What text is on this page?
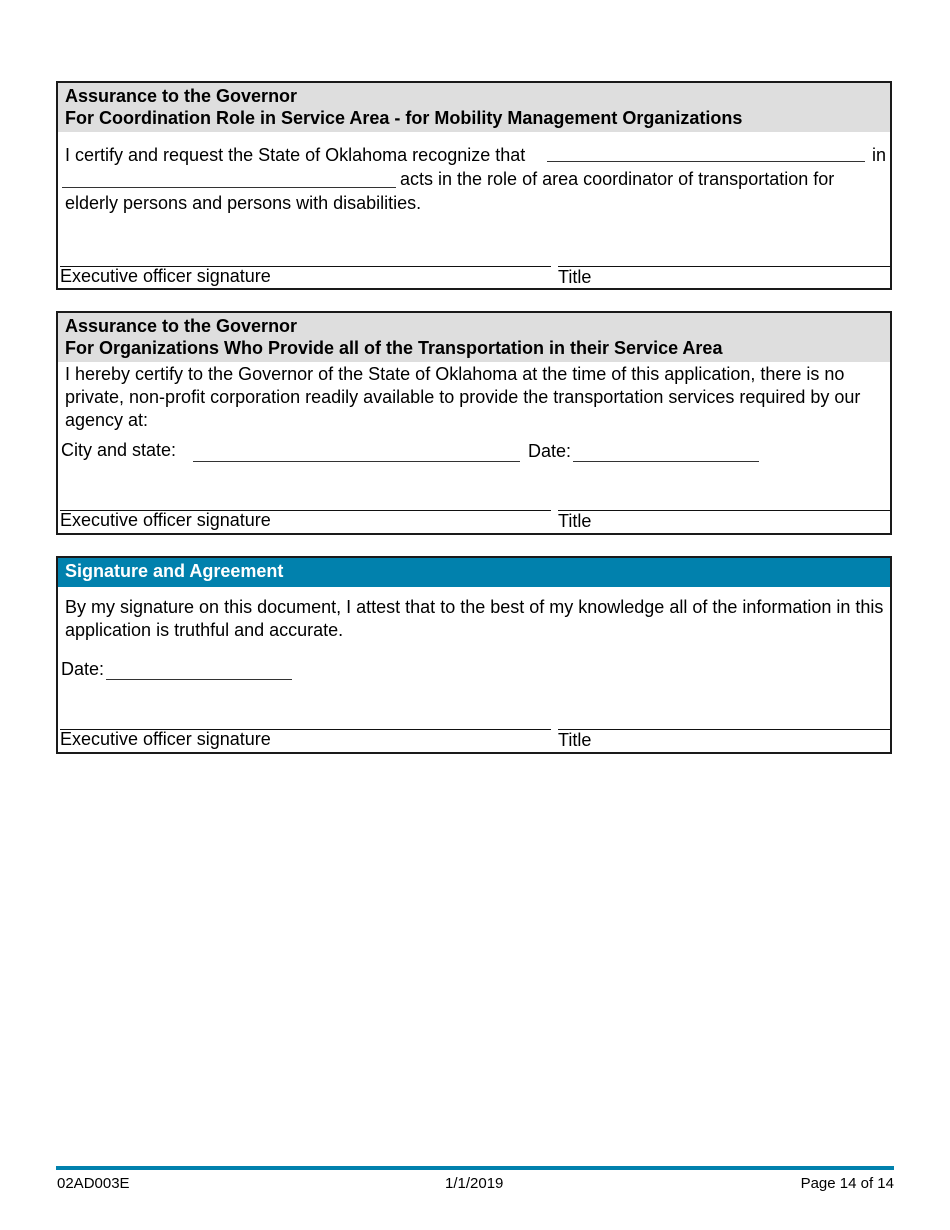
Assurance to the Governor
For Coordination Role in Service Area - for Mobility Management Organizations
I certify and request the State of Oklahoma recognize that	in
acts in the role of area coordinator of transportation for
elderly persons and persons with disabilities.
Executive officer signature	Title
Assurance to the Governor
For Organizations Who Provide all of the Transportation in their Service Area
I hereby certify to the Governor of the State of Oklahoma at the time of this application, there is no private, non-profit corporation readily available to provide the transportation services required by our agency at:
City and state:	Date:
Executive officer signature	Title
Signature and Agreement
By my signature on this document, I attest that to the best of my knowledge all of the information in this application is truthful and accurate.
Date:
Executive officer signature	Title
02AD003E	1/1/2019	Page 14 of 14
